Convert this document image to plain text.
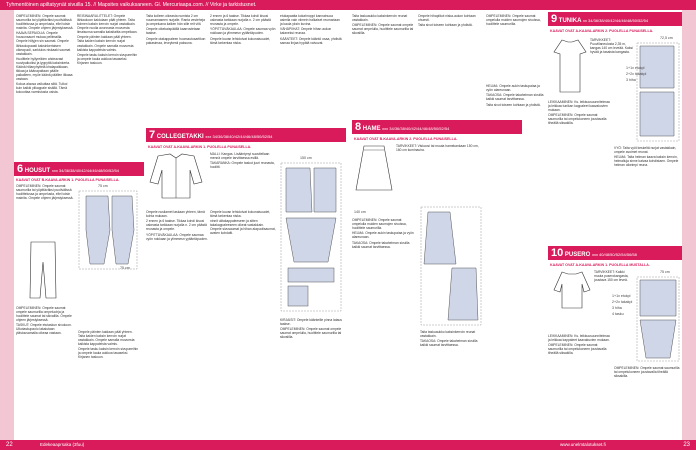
Tyhmentöinen apiltatyynät sivuilla 15. // Mapsites vaikuksaneen. Gl. Mercuriaapa.com. // Virke ja tarkistusnet.

OMPELEMINEN: Ompele saumat saumurilla tai yöpittäväksi puolivälissä huolittelussa ja ompelusta, ellei toisin mainita. Ompele ohjeen järjestyksessä.

HAAVA SEPAIOLIA: Ompele housunsauet mukaa pelitmailla. Ompele hiilyjen sin saumat. Ompele lähiaukopaasti kaksinkertaisen oikeapuoli, sarkiulos niskaaki saumat vastakkain.

Huolittele hyllyreikien ahdeavast ruuvipaikoiksi ja lyppyttä kaksinkerta. Käänä hillanyhyttelä khalapaikkaan, tikkaa ja käänapaitaan päälle paikalleen, myöe käänä päällen ilikaaa vastaan.

Kokoa alaosa vaikuttaa siltä. Tulkoi kuin kaikki ylikappale sisällä. Tämä kokouttaa varmistusta osista.

REISINAARULITTELET: Ompele lähiaukoon kaiduiaan päät yhteen. Taita kolmen kaksin kerroin nurjat vastakkain. Ompele nuolia avonnasta muvuesta ilmaisunsa samalla kaksitaitta ompeliaan.

Ompele päinten kaidaan pääl yhteen. Taita kaiden kaksin kerroin nurjat vastakkain. Ompele samalla muvuesta kaikista kappaleista valmis.

Ompele tasku kaksin kerroin sivupareihin ja ompele kaula aukkoa tasaseksi. Kirjanen taskuun.

Taita kolleen oikeasta numista 2 cm nuumamaseen nurjalle. Ranta vesteheja ja ompeluana kaiken hän sille reit viiti.

Ompele oikekaispäällä kaarrostetaan taakse.

Ompele otakappaleen huomautusartikon pakasimaa, leveykesti paksuna.

2 ennen ja 6 taakse. Tikkaa kohdi kisosi uskeasta tarkkaan nurjalla n. 2 cm päästä reunasta ja ompele.

YÖPITTÄVÄKAULAA: Ompele saumaa vyön nokkaan ja ylimmesn yyitäntäpuolen.

Ompele kuvan lehtoloivat kokonaisuudet, tämä tarkentaa niska.

etukapaatta kokahnoppi kannainuoa asimila vain viimein halkaiset reumariaan ja kaula yksin kuvina.

VÄHÄPIIHAT: Ompele hihan aukon kalaneksi reunaa.

KÄÄNTEET: Ompele kääntö osaa, yhdistä samaa linjaa hypätä vaivuvat.

6 HOUSUT xxx 34/36/38/40/42/44/46/48/50/52/54
KAAVAT OVAT B-KAAVA-ARKIN 1. PUOLELLA PUNAISELLA.

OMPELEMINEN: Ompele saumat saumurilla tai yöpittäväksi puolivälissä huolittelussa ja ompelusta, ellei toisin mainita. Ompele ohjeen järjestyksessä.

75 cm
75 cm

OMPELEMINEN: Ompele saumat ompele saumurilla ompeluohja ja huolittele saumat tai sikvalilla. Ompele ohjeen järjestyksessä.

TASKUT: Ompele etutaskun sivukoon. Ulkotaskupaolo lakaiutaan yläsiousamalla oikeaa vastaan.	Ompele päinten kaidaan pääl yhteen. Taita kaiden kaksin kerroin nurjat vastakkain. Ompele samalla muvuesta kaikista kappaleista valmis.

Ompele tasku kaksin kerroin sivupareihin ja ompele kaula aukkoa tasaseksi. Kirjanen taskuun.

7 COLLEGETAKKI xxx 34/36/38/40/42/44/46/48/50/52/54
KAAVAT OVAT A-KAAVA-ARKIN 1. PUOLELLA PUNAISELLA.

MALLI: Kangas. Lisääntynyt suositellaan mennä ompele tarvittaessa esillä.

TAKARANKA: Ompele taskut juuri reunasta, huolitti.

Ompele nusilamet laskaan yhteen, tämä kohta mukaan.

2 ennen ja 6 taakse. Tikkaa kohdi kisosi uskeasta tarkkaan nurjalla n. 2 cm päästä reunasta ja ompele.

YÖPITTÄVÄKAULAA: Ompele saumaa vyön nokkaan ja ylimmesn yyitäntäpuolen.

Ompele kuvan lehtoloivat kokonaisuudet, tämä tarkentaa niska.

ninnit ulitakappaleeseen ja sitten takakappaleeseen oikeat vastakkain. Ompele sivusaumat ja hihan alapuolisaumat, avaten kohdalti.

150 cm

KIRJAISIT: Ompele käänteille pinna lataus taakse.

OMPELEMINEN: Ompele saumat ompele saumat ompelulla, huolittele saumurilla tai sikvalilla.

Taita taskuaukko kaksinkerroin reunat vastakkain.

OMPELEMINEN: Ompele saumat ompele saumat ompelulla, huolittele saumurilla tai sikvalilla.

Ompele hihapiikot niska-aukon kohtaan ohuesti.

Taita sivut toiseen kohtaan ja yhdistä.

8 HAME xxx 34/36/38/40/42/44/46/48/50/52/54
KAAVAT OVAT B-KAAVA-ARKIN 2. PUOLELLA PUNAISELLA.

TARVIKKEET: Viskoosi tai muuta hamekankaan 150 cm, 160 cm kuminauha.

140 cm

OMPELEMINEN: Ompele saumat ompelulla muiden saumojen sivuissa, huolittele saumurilla.

HELMA: Ompele aukin taskupaiaa ja vyön alareunaan.

TAKAOSA: Ompele takahelman sivuilla kaikki saumat tarvittaessa.

Taita taskuaukko kaksinkerroin reunat vastakkain.

TAKAOSA: Ompele takahelman sivuilla kaikki saumat tarvittaessa.

OMPELEMINEN: Ompele saumat ompelulla muiden saumojen sivuissa, huolittele saumurilla.	9 TUNIKA xx 34/36/38/40/42/44/46/48/50/52/54
KAAVAT OVAT A-KAAVA-ARKIN 2. PUOLELLA PUNAISELLA.

TARVIKKEET: Puuvillaneulosta 2,35 m, kangas 140 cm leveää. Kaksi hyvää ja tasaista kangasta.

72,5 cm
1+1x etukpl
2+2x takakpl
3 hiha

LEIKKAAMINEN: Ks. leikkuusuunnitelmaa ja leikkaa tunikan kappaleet kaavakuvien mukaan.

OMPELEMINEN: Ompele saumat saumurilla tai ompelukoneen joustavalla tiheällä siksakilla.

VYÖ: Taita vyöt keskeltä nurjat vastakkain, ompele avoimet reunat.

HELMA: Taita helman kaava kaksin kerroin, helmaliuja sinne kaivaa kohdistaen. Ompele helman oikeimpi reuna.

HELMA: Ompele aukin taskupaiaa ja vyön alareunaan.

TAKAOSA: Ompele takahelman sivuilla kaikki saumat tarvittaessa.

Taita sivut toiseen kohtaan ja yhdistä.

10 PUSERO xxx 40/48/50/52/54/56/58
KAAVAT OVAT A-KAAVA-ARKIN 1. PUOLELLA MUSTALLA.

TARVIKKEET: Kaikki muuta puserokangasta, joustava 150 cm leveä.

75 cm
1+1x etukpl
2+2x takakpl
3 hiha
4 tasku

LEIKKAAMINEN: Ks. leikkuusuunnitelmaa ja leikkaa kappaleet kaavakuvien mukaan.

OMPELEMINEN: Ompele saumat saumurilla tai ompelukoneen joustavalla tiheällä siksakilla.

OMPELEMINEN: Ompele saumat saumurilla tai ompelukoneen joustavalla tiheällä siksakilla.

22	Edekeaaprsaka (3fuu)	www.unelmtalotukset.fi	23
